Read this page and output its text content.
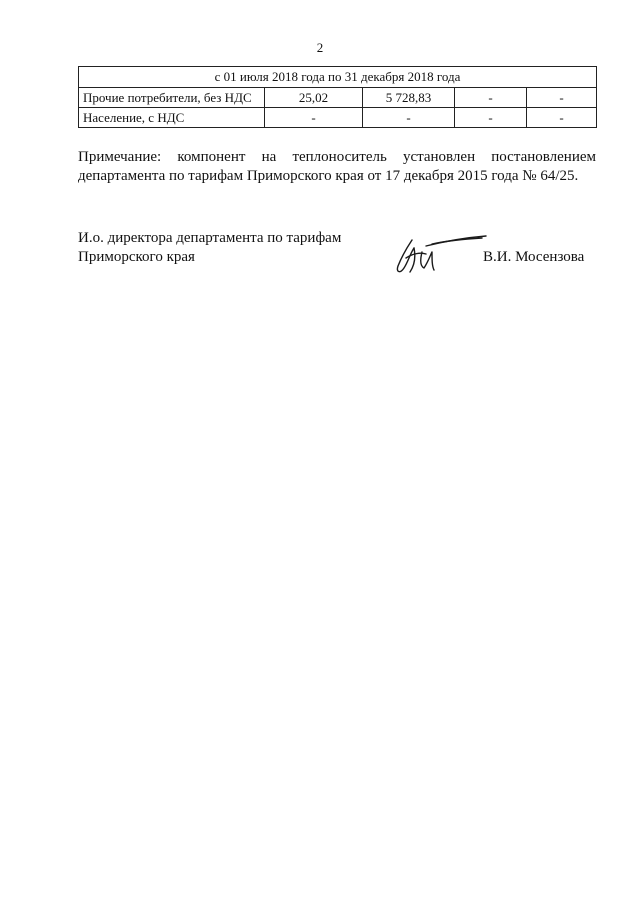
2
с 01 июля 2018 года по 31 декабря 2018 года				
Прочие потребители, без НДС	25,02	5 728,83	-	-
Население, с НДС	-	-	-	-
Примечание: компонент на теплоноситель установлен постановлением
департамента по тарифам Приморского края от 17 декабря 2015 года № 64/25.
И.о. директора департамента по тарифам
Приморского края	В.И. Мосензова
